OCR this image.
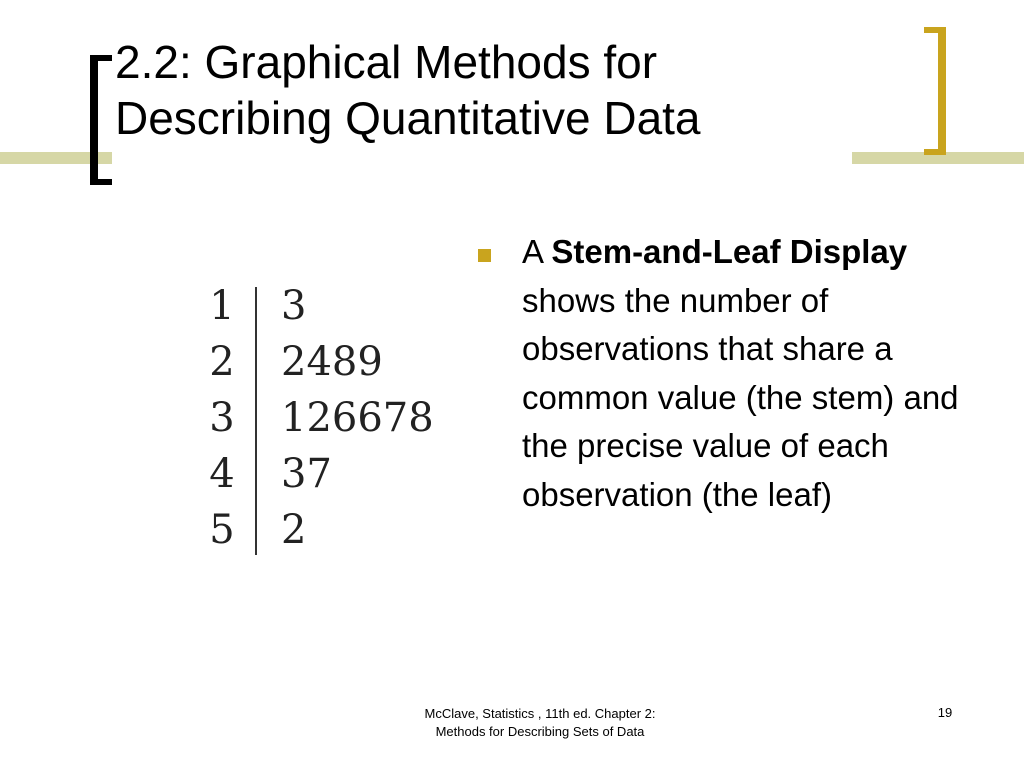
2.2: Graphical Methods for
Describing Quantitative Data
1 3
2 2489
3 126678
4 37
5 2
A Stem-and-Leaf Display shows the number of observations that share a common value (the stem) and the precise value of each observation (the leaf)
McClave, Statistics , 11th ed. Chapter 2:
Methods for Describing Sets of Data
19
